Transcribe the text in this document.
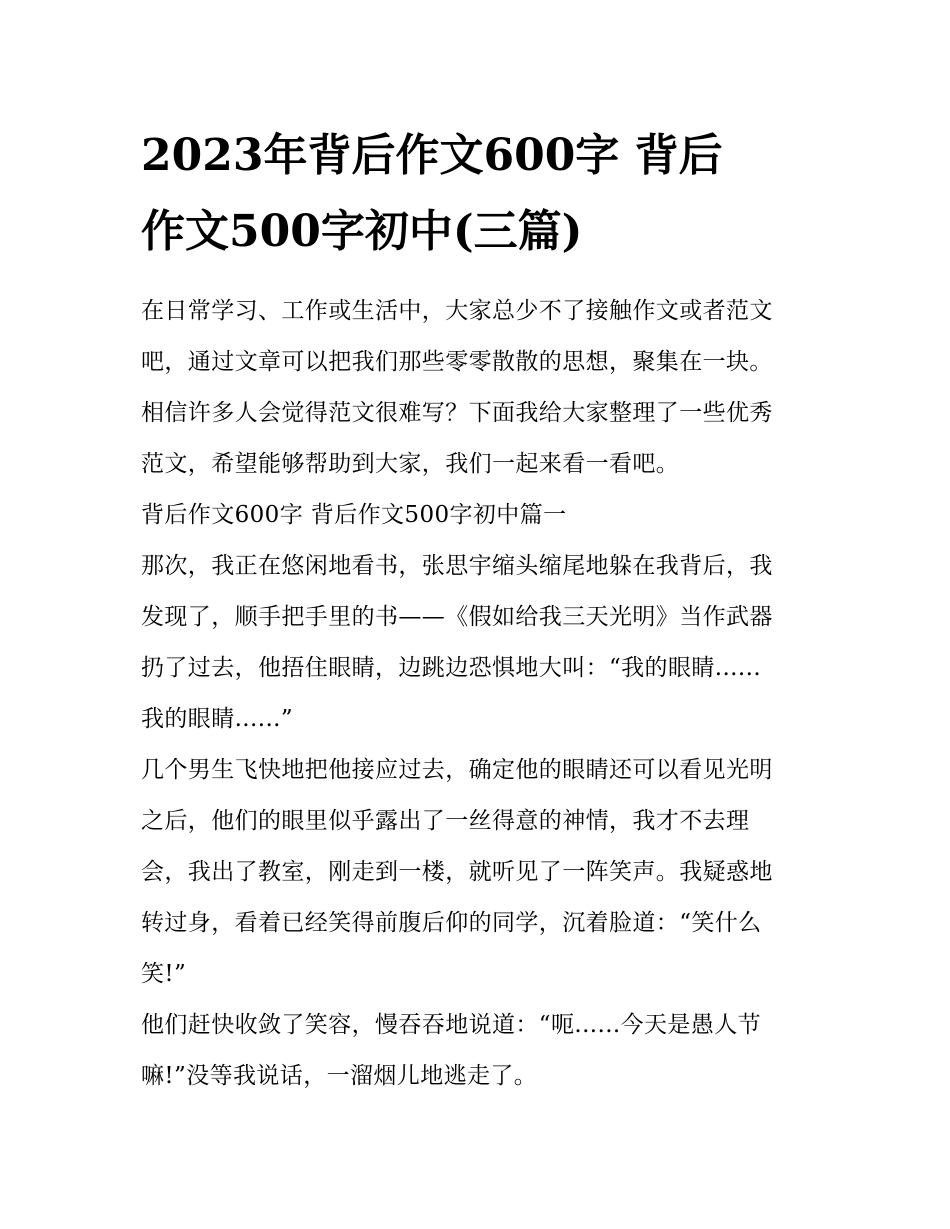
2023年背后作文600字 背后
作文500字初中(三篇)
在日常学习、工作或生活中，大家总少不了接触作文或者范文
吧，通过文章可以把我们那些零零散散的思想，聚集在一块。
相信许多人会觉得范文很难写？下面我给大家整理了一些优秀
范文，希望能够帮助到大家，我们一起来看一看吧。
背后作文600字 背后作文500字初中篇一
那次，我正在悠闲地看书，张思宇缩头缩尾地躲在我背后，我
发现了，顺手把手里的书——《假如给我三天光明》当作武器
扔了过去，他捂住眼睛，边跳边恐惧地大叫：“我的眼睛......
我的眼睛......”
几个男生飞快地把他接应过去，确定他的眼睛还可以看见光明
之后，他们的眼里似乎露出了一丝得意的神情，我才不去理
会，我出了教室，刚走到一楼，就听见了一阵笑声。我疑惑地
转过身，看着已经笑得前腹后仰的同学，沉着脸道：“笑什么
笑!”
他们赶快收敛了笑容，慢吞吞地说道：“呃......今天是愚人节
嘛!”没等我说话，一溜烟儿地逃走了。
